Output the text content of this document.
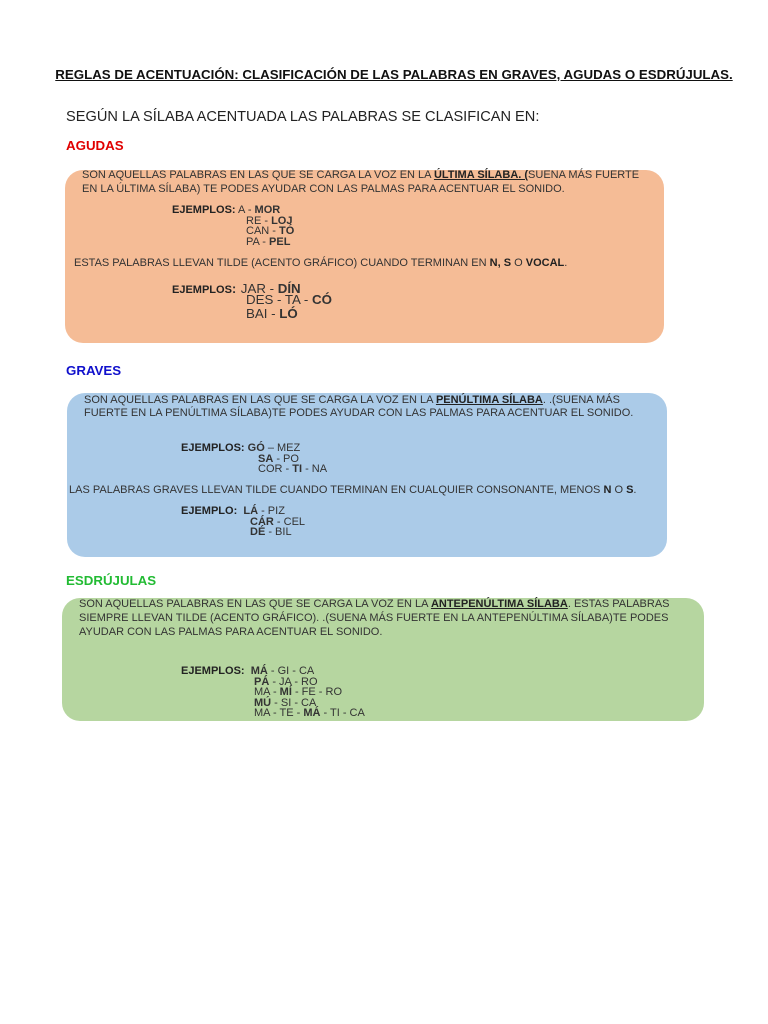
REGLAS DE ACENTUACIÓN: CLASIFICACIÓN DE LAS PALABRAS EN GRAVES, AGUDAS O ESDRÚJULAS.
SEGÚN LA SÍLABA ACENTUADA LAS PALABRAS SE CLASIFICAN EN:
AGUDAS
SON AQUELLAS PALABRAS EN LAS QUE SE CARGA LA VOZ EN LA ÚLTIMA SÍLABA. (SUENA MÁS FUERTE
EN LA ÚLTIMA SÍLABA) TE PODES AYUDAR CON LAS PALMAS PARA ACENTUAR EL SONIDO.
EJEMPLOS: A - MOR
RE - LOJ
CAN - TÓ
PA - PEL
ESTAS PALABRAS LLEVAN TILDE (ACENTO GRÁFICO) CUANDO TERMINAN EN N, S O VOCAL.
EJEMPLOS: JAR - DÍN
DES - TA - CÓ
BAI - LÓ
GRAVES
SON AQUELLAS PALABRAS EN LAS QUE SE CARGA LA VOZ EN LA PENÚLTIMA SÍLABA. .(SUENA MÁS
FUERTE EN LA PENÚLTIMA SÍLABA)TE PODES AYUDAR CON LAS PALMAS PARA ACENTUAR EL SONIDO.
EJEMPLOS: GÓ – MEZ
SA - PO
COR - TI - NA
LAS PALABRAS GRAVES LLEVAN TILDE CUANDO TERMINAN EN CUALQUIER CONSONANTE, MENOS N O S.
EJEMPLO: LÁ - PIZ
CÁR - CEL
DÉ - BIL
ESDRÚJULAS
SON AQUELLAS PALABRAS EN LAS QUE SE CARGA LA VOZ EN LA ANTEPENÚLTIMA SÍLABA. ESTAS PALABRAS
SIEMPRE LLEVAN TILDE (ACENTO GRÁFICO). .(SUENA MÁS FUERTE EN LA ANTEPENÚLTIMA SÍLABA)TE PODES
AYUDAR CON LAS PALMAS PARA ACENTUAR EL SONIDO.
EJEMPLOS: MÁ - GI - CA
PÁ - JA - RO
MA - MÍ - FE - RO
MÚ - SI - CA
MA - TE - MÁ - TI - CA
